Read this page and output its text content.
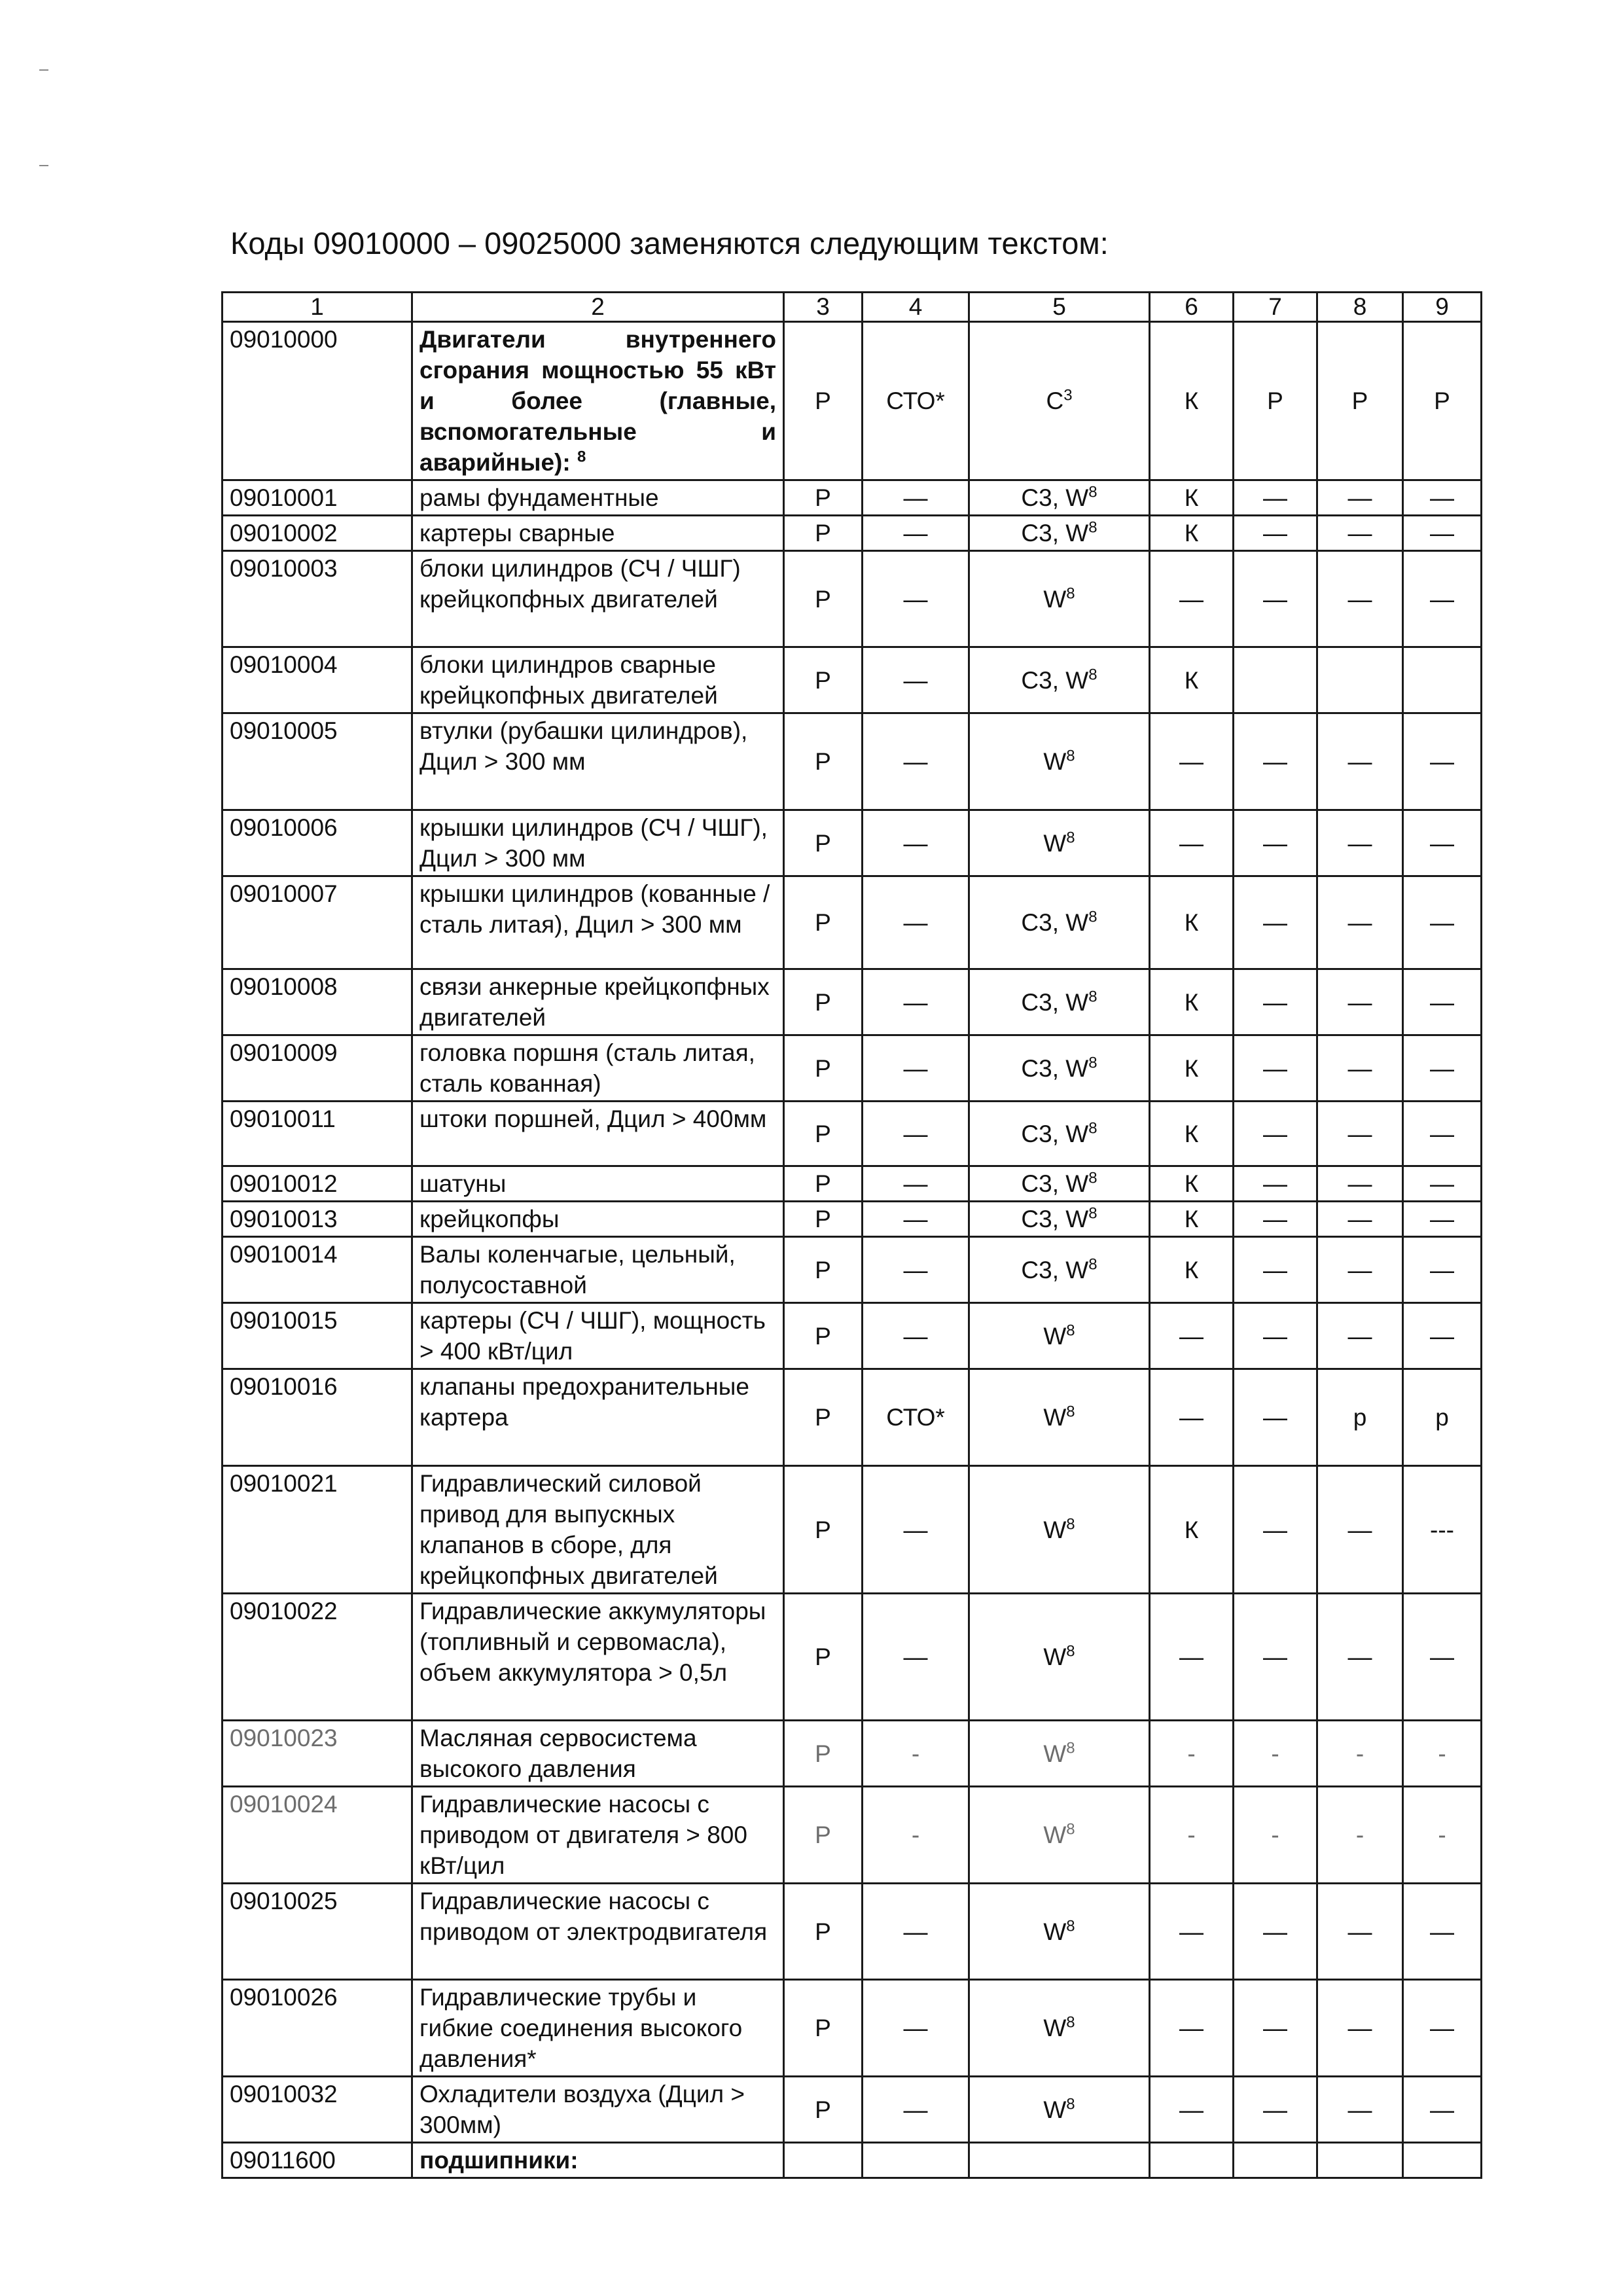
Коды 09010000 – 09025000 заменяются следующим текстом:
1	2	3	4	5	6	7	8	9
09010000	Двигатели внутреннего сгорания мощностью 55 кВт и более (главные, вспомогательные и аварийные): $^8$	Р	СТО*	$С^3$	К	Р	Р	Р
09010001	рамы фундаментные	Р	—	С3, $W^8$	К	—	—	—
09010002	картеры сварные	Р	—	С3, $W^8$	К	—	—	—
09010003	блоки цилиндров (СЧ / ЧШГ) крейцкопфных двигателей	Р	—	$W^8$	—	—	—	—
09010004	блоки цилиндров сварные крейцкопфных двигателей	Р	—	С3, $W^8$	К			
09010005	втулки (рубашки цилиндров), Дцил > 300 мм	Р	—	$W^8$	—	—	—	—
09010006	крышки цилиндров (СЧ / ЧШГ), Дцил > 300 мм	Р	—	$W^8$	—	—	—	—
09010007	крышки цилиндров (кованные / сталь литая), Дцил > 300 мм	Р	—	С3, $W^8$	К	—	—	—
09010008	связи анкерные крейцкопфных двигателей	Р	—	С3, $W^8$	К	—	—	—
09010009	головка поршня (сталь литая, сталь кованная)	Р	—	С3, $W^8$	К	—	—	—
09010011	штоки поршней, Дцил > 400мм	Р	—	С3, $W^8$	К	—	—	—
09010012	шатуны	Р	—	С3, $W^8$	К	—	—	—
09010013	крейцкопфы	Р	—	С3, $W^8$	К	—	—	—
09010014	Валы коленчагые, цельный, полусоставной	Р	—	С3, $W^8$	К	—	—	—
09010015	картеры (СЧ / ЧШГ), мощность > 400 кВт/цил	Р	—	$W^8$	—	—	—	—
09010016	клапаны предохранительные картера	Р	СТО*	$W^8$	—	—	р	р
09010021	Гидравлический силовой привод для выпускных клапанов в сборе, для крейцкопфных двигателей	Р	—	$W^8$	К	—	—	---
09010022	Гидравлические аккумуляторы (топливный и сервомасла), объем аккумулятора > 0,5л	Р	—	$W^8$	—	—	—	—
09010023	Масляная сервосистема высокого давления	Р	-	$W^8$	-	-	-	-
09010024	Гидравлические насосы с приводом от двигателя > 800 кВт/цил	Р	-	$W^8$	-	-	-	-
09010025	Гидравлические насосы с приводом от электродвигателя	Р	—	$W^8$	—	—	—	—
09010026	Гидравлические трубы и гибкие соединения высокого давления*	Р	—	$W^8$	—	—	—	—
09010032	Охладители воздуха (Дцил > 300мм)	Р	—	$W^8$	—	—	—	—
09011600	подшипники:							
